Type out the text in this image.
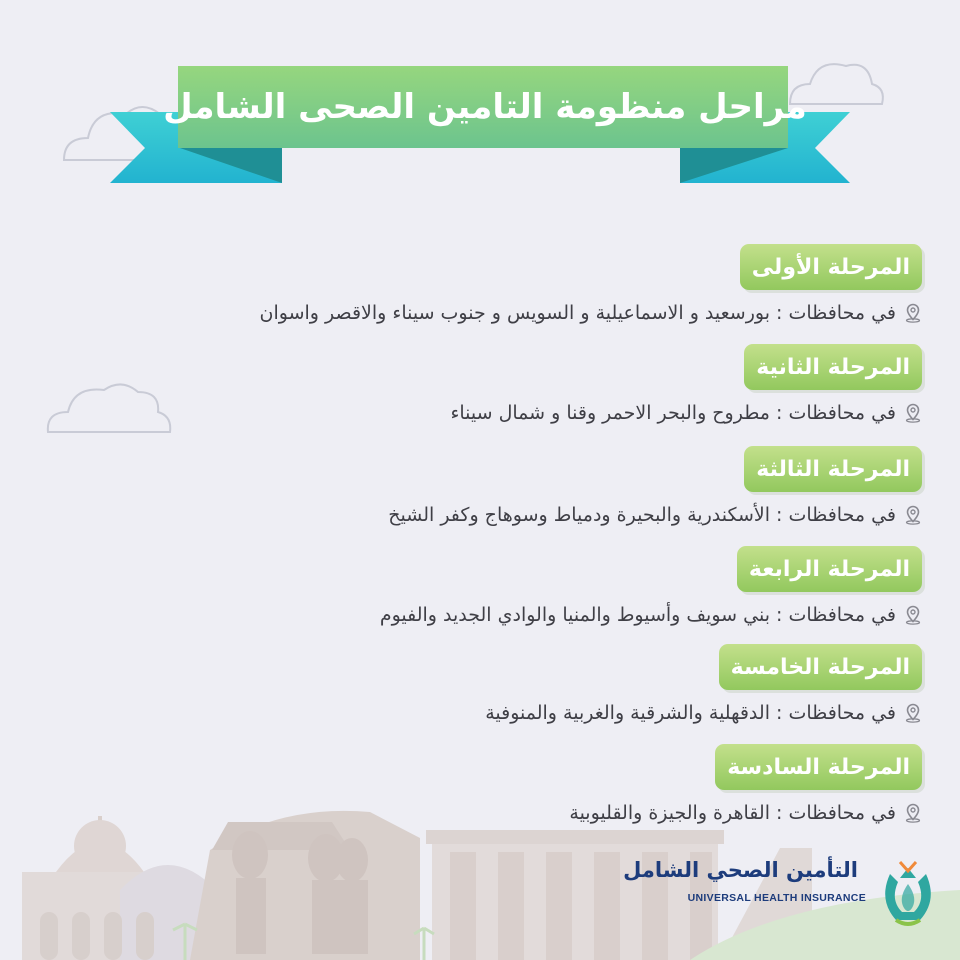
مراحل منظومة التامين الصحى الشامل
المرحلة الأولى
في محافظات : بورسعيد و الاسماعيلية و السويس و جنوب سيناء والاقصر واسوان
المرحلة الثانية
في محافظات : مطروح والبحر الاحمر وقنا و شمال سيناء
المرحلة الثالثة
في محافظات : الأسكندرية والبحيرة ودمياط وسوهاج وكفر الشيخ
المرحلة الرابعة
في محافظات : بني سويف وأسيوط والمنيا والوادي الجديد والفيوم
المرحلة الخامسة
في محافظات : الدقهلية والشرقية والغربية والمنوفية
المرحلة السادسة
في محافظات : القاهرة والجيزة والقليوبية
التأمين الصحي الشامل
UNIVERSAL HEALTH INSURANCE
